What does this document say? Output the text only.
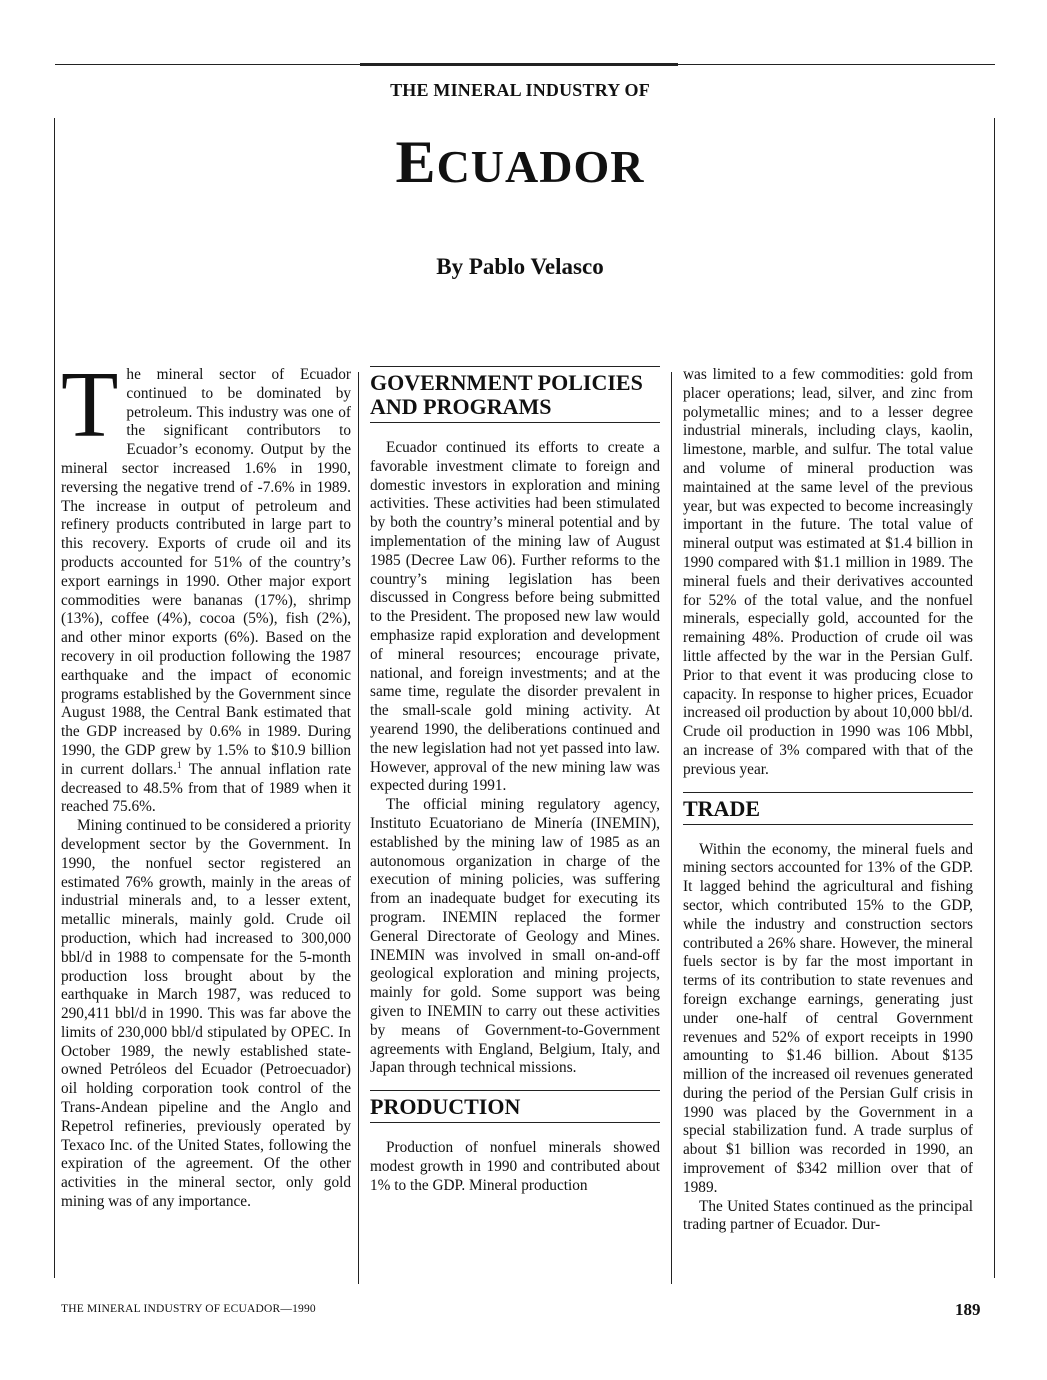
THE MINERAL INDUSTRY OF
ECUADOR
By Pablo Velasco

The mineral sector of Ecuador continued to be dominated by petroleum. This industry was one of the significant contributors to Ecuador’s economy. Output by the mineral sector increased 1.6% in 1990, reversing the negative trend of -7.6% in 1989. The increase in output of petroleum and refinery products contributed in large part to this recovery. Exports of crude oil and its products accounted for 51% of the country’s export earnings in 1990. Other major export commodities were bananas (17%), shrimp (13%), coffee (4%), cocoa (5%), fish (2%), and other minor exports (6%). Based on the recovery in oil production following the 1987 earthquake and the impact of economic programs established by the Government since August 1988, the Central Bank estimated that the GDP increased by 0.6% in 1989. During 1990, the GDP grew by 1.5% to $10.9 billion in current dollars.$^1$ The annual inflation rate decreased to 48.5% from that of 1989 when it reached 75.6%.

Mining continued to be considered a priority development sector by the Government. In 1990, the nonfuel sector registered an estimated 76% growth, mainly in the areas of industrial minerals and, to a lesser extent, metallic minerals, mainly gold. Crude oil production, which had increased to 300,000 bbl/d in 1988 to compensate for the 5-month production loss brought about by the earthquake in March 1987, was reduced to 290,411 bbl/d in 1990. This was far above the limits of 230,000 bbl/d stipulated by OPEC. In October 1989, the newly established state-owned Petróleos del Ecuador (Petroecuador) oil holding corporation took control of the Trans-Andean pipeline and the Anglo and Repetrol refineries, previously operated by Texaco Inc. of the United States, following the expiration of the agreement. Of the other activities in the mineral sector, only gold mining was of any importance.

GOVERNMENT POLICIES AND PROGRAMS

Ecuador continued its efforts to create a favorable investment climate to foreign and domestic investors in exploration and mining activities. These activities had been stimulated by both the country’s mineral potential and by implementation of the mining law of August 1985 (Decree Law 06). Further reforms to the country’s mining legislation has been discussed in Congress before being submitted to the President. The proposed new law would emphasize rapid exploration and development of mineral resources; encourage private, national, and foreign investments; and at the same time, regulate the disorder prevalent in the small-scale gold mining activity. At yearend 1990, the deliberations continued and the new legislation had not yet passed into law. However, approval of the new mining law was expected during 1991.

The official mining regulatory agency, Instituto Ecuatoriano de Minería (INEMIN), established by the mining law of 1985 as an autonomous organization in charge of the execution of mining policies, was suffering from an inadequate budget for executing its program. INEMIN replaced the former General Directorate of Geology and Mines. INEMIN was involved in small on-and-off geological exploration and mining projects, mainly for gold. Some support was being given to INEMIN to carry out these activities by means of Government-to-Government agreements with England, Belgium, Italy, and Japan through technical missions.

PRODUCTION

Production of nonfuel minerals showed modest growth in 1990 and contributed about 1% to the GDP. Mineral production

was limited to a few commodities: gold from placer operations; lead, silver, and zinc from polymetallic mines; and to a lesser degree industrial minerals, including clays, kaolin, limestone, marble, and sulfur. The total value and volume of mineral production was maintained at the same level of the previous year, but was expected to become increasingly important in the future. The total value of mineral output was estimated at $1.4 billion in 1990 compared with $1.1 million in 1989. The mineral fuels and their derivatives accounted for 52% of the total value, and the nonfuel minerals, especially gold, accounted for the remaining 48%. Production of crude oil was little affected by the war in the Persian Gulf. Prior to that event it was producing close to capacity. In response to higher prices, Ecuador increased oil production by about 10,000 bbl/d. Crude oil production in 1990 was 106 Mbbl, an increase of 3% compared with that of the previous year.

TRADE

Within the economy, the mineral fuels and mining sectors accounted for 13% of the GDP. It lagged behind the agricultural and fishing sector, which contributed 15% to the GDP, while the industry and construction sectors contributed a 26% share. However, the mineral fuels sector is by far the most important in terms of its contribution to state revenues and foreign exchange earnings, generating just under one-half of central Government revenues and 52% of export receipts in 1990 amounting to $1.46 billion. About $135 million of the increased oil revenues generated during the period of the Persian Gulf crisis in 1990 was placed by the Government in a special stabilization fund. A trade surplus of about $1 billion was recorded in 1990, an improvement of $342 million over that of 1989.

The United States continued as the principal trading partner of Ecuador. Dur-

THE MINERAL INDUSTRY OF ECUADOR—1990	189
